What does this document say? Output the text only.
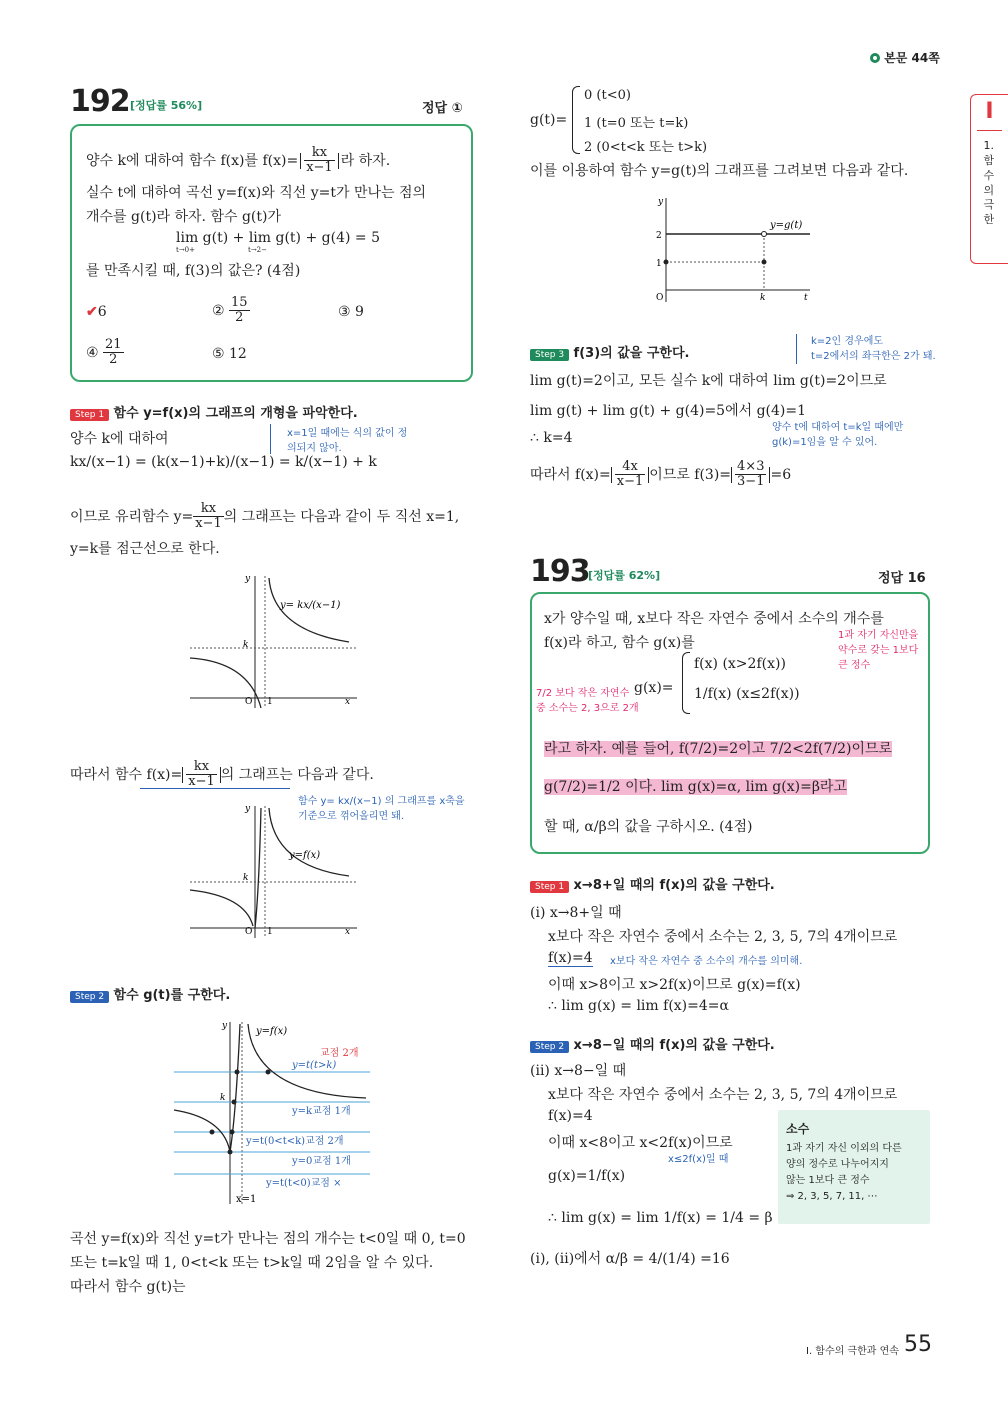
본문 44쪽
I
1. 함수의 극한
192 [정답률 56%]	정답 ①
양수 k에 대하여 함수 f(x)를 $f(x)= \frac{kx}{x-1}$ 라 하자.
실수 t에 대하여 곡선 y=f(x)와 직선 y=t가 만나는 점의
개수를 g(t)라 하자. 함수 g(t)가
lim g(t) + lim g(t) + g(4) = 5
t→0+	t→2−
를 만족시킬 때, f(3)의 값은? (4점)
✔6	② $\frac{15}{2}$	③ 9
④ $\frac{21}{2}$	⑤ 12
Step 1 함수 y=f(x)의 그래프의 개형을 파악한다.
양수 k에 대하여	x=1일 때에는 식의 값이 정의되지 않아.
kx/(x−1) = (k(x−1)+k)/(x−1) = k/(x−1) + k
이므로 유리함수 $y= \frac{kx}{x-1}$ 의 그래프는 다음과 같이 두 직선 x=1,
y=k를 점근선으로 한다.
y
O 1	x
k
y= kx/(x−1)
따라서 함수 $f(x)= \frac{kx}{x-1}$ 의 그래프는 다음과 같다.
함수 y= kx/(x−1) 의 그래프를 x축을 기준으로 꺾어올리면 돼.
y
O 1	x
k
y=f(x)
Step 2 함수 g(t)를 구한다.
y
k
y=f(x)
교점 2개
y=t(t>k)
y=k교점 1개
y=t(0<t<k)교점 2개
y=0교점 1개
y=t(t<0)교점 ×
x=1
곡선 y=f(x)와 직선 y=t가 만나는 점의 개수는 t<0일 때 0, t=0
또는 t=k일 때 1, 0<t<k 또는 t>k일 때 2임을 알 수 있다.
따라서 함수 g(t)는
g(t)=
0 (t<0)
1 (t=0 또는 t=k)
2 (0<t<k 또는 t>k)
이를 이용하여 함수 y=g(t)의 그래프를 그려보면 다음과 같다.
y
2
1
O	k	t
y=g(t)
Step 3 f(3)의 값을 구한다.
k=2인 경우에도
t=2에서의 좌극한은 2가 돼.
lim g(t)=2이고, 모든 실수 k에 대하여 lim g(t)=2이므로
lim g(t) + lim g(t) + g(4)=5에서 g(4)=1
양수 t에 대하여 t=k일 때에만
g(k)=1임을 알 수 있어.
∴ k=4
따라서 $f(x)= \frac{4x}{x-1}$ 이므로 $f(3)= \frac{4\times 3}{3-1} =6$
193
[정답률 62%]	정답 16
x가 양수일 때, x보다 작은 자연수 중에서 소수의 개수를
1과 자기 자신만을 약수로 갖는 1보다 큰 정수
f(x)라 하고, 함수 g(x)를
g(x)=
f(x) (x>2f(x))
1/f(x) (x≤2f(x))
7/2 보다 작은 자연수 중 소수는 2, 3으로 2개
라고 하자. 예를 들어, f(7/2)=2이고 7/2<2f(7/2)이므로
g(7/2)=1/2 이다. lim g(x)=α, lim g(x)=β라고
할 때, α/β의 값을 구하시오. (4점)
Step 1 x→8+일 때의 f(x)의 값을 구한다.
(ⅰ) x→8+일 때
x보다 작은 자연수 중에서 소수는 2, 3, 5, 7의 4개이므로
f(x)=4 x보다 작은 자연수 중 소수의 개수를 의미해.
이때 x>8이고 x>2f(x)이므로 g(x)=f(x)
∴ lim g(x) = lim f(x)=4=α
Step 2 x→8−일 때의 f(x)의 값을 구한다.
(ⅱ) x→8−일 때
x보다 작은 자연수 중에서 소수는 2, 3, 5, 7의 4개이므로
f(x)=4
이때 x<8이고 x<2f(x)이므로
x≤2f(x)일 때
g(x)=1/f(x)
∴ lim g(x) = lim 1/f(x) = 1/4 = β
(ⅰ), (ⅱ)에서 α/β = 4/(1/4) =16
소수
1과 자기 자신 이외의 다른
양의 정수로 나누어지지
않는 1보다 큰 정수
⇒ 2, 3, 5, 7, 11, ⋯
I. 함수의 극한과 연속 55
